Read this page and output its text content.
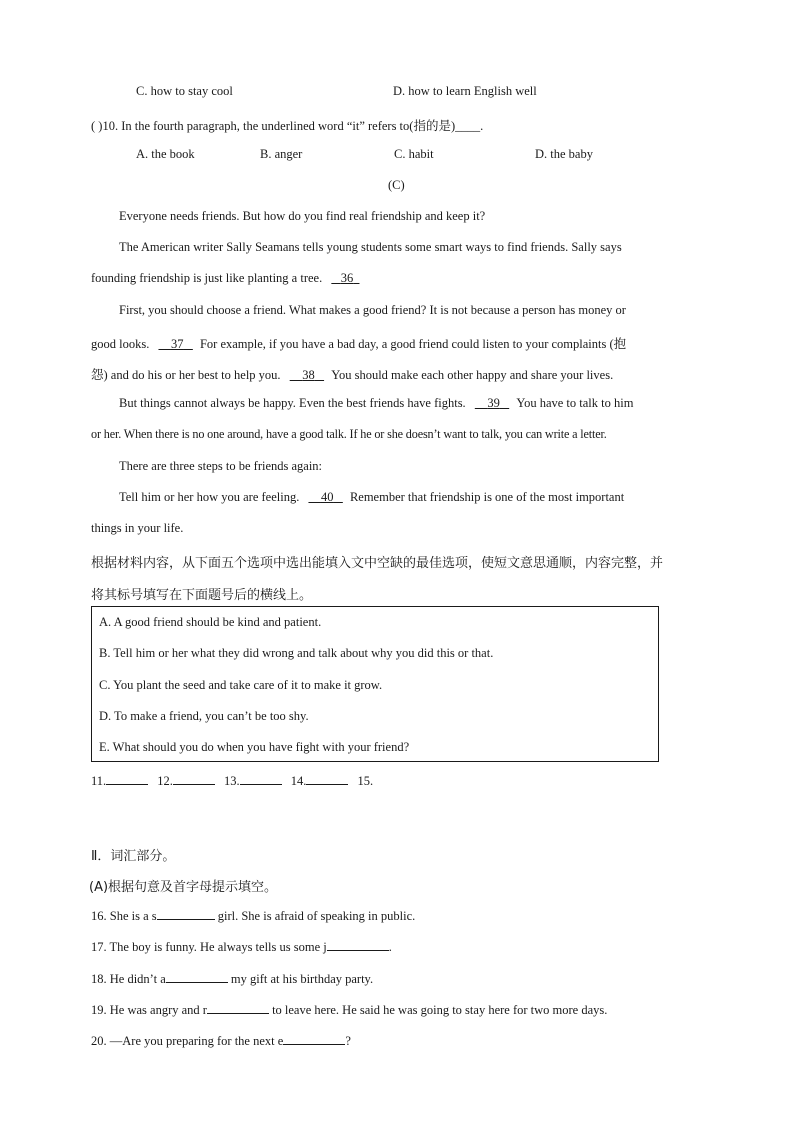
C. how to stay cool	D. how to learn English well
( )10. In the fourth paragraph, the underlined word “it” refers to(指的是)____.
A. the book	B. anger	C. habit	D. the baby
(C)
Everyone needs friends. But how do you find real friendship and keep it?
The American writer Sally Seamans tells young students some smart ways to find friends. Sally says
founding friendship is just like planting a tree. 36
First, you should choose a friend. What makes a good friend? It is not because a person has money or
good looks. 37 For example, if you have a bad day, a good friend could listen to your complaints (抱
怨) and do his or her best to help you. 38 You should make each other happy and share your lives.
But things cannot always be happy. Even the best friends have fights. 39 You have to talk to him
or her. When there is no one around, have a good talk. If he or she doesn’t want to talk, you can write a letter.
There are three steps to be friends again:
Tell him or her how you are feeling. 40 Remember that friendship is one of the most important
things in your life.
根据材料内容，从下面五个选项中选出能填入文中空缺的最佳选项，使短文意思通顺，内容完整，并
将其标号填写在下面题号后的横线上。
A. A good friend should be kind and patient.
B. Tell him or her what they did wrong and talk about why you did this or that.
C. You plant the seed and take care of it to make it grow.
D. To make a friend, you can’t be too shy.
E. What should you do when you have fight with your friend?
11.	12.	13.	14.	15.
Ⅱ．词汇部分。
(A)根据句意及首字母提示填空。
16. She is a s	girl. She is afraid of speaking in public.
17. The boy is funny. He always tells us some j	.
18. He didn’t a	my gift at his birthday party.
19. He was angry and r	to leave here. He said he was going to stay here for two more days.
20. —Are you preparing for the next e	?
